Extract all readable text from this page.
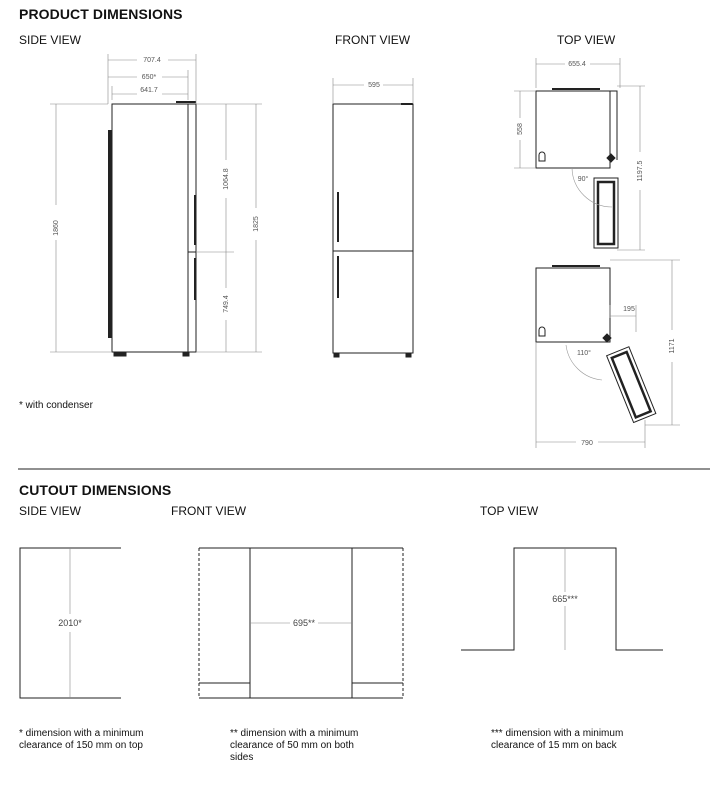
PRODUCT DIMENSIONS
SIDE VIEW	FRONT VIEW	TOP VIEW
* with condenser
CUTOUT DIMENSIONS
SIDE VIEW	FRONT VIEW	TOP VIEW
* dimension with a minimum clearance of 150 mm on top
** dimension with a minimum clearance of 50 mm on both sides
*** dimension with a minimum clearance of 15 mm on back
707.4
650*
641.7
1860
1064.8
749.4
1825
595
655.4
558
1197.5
90°
195
1171
110°
790
2010*	695**
665***
